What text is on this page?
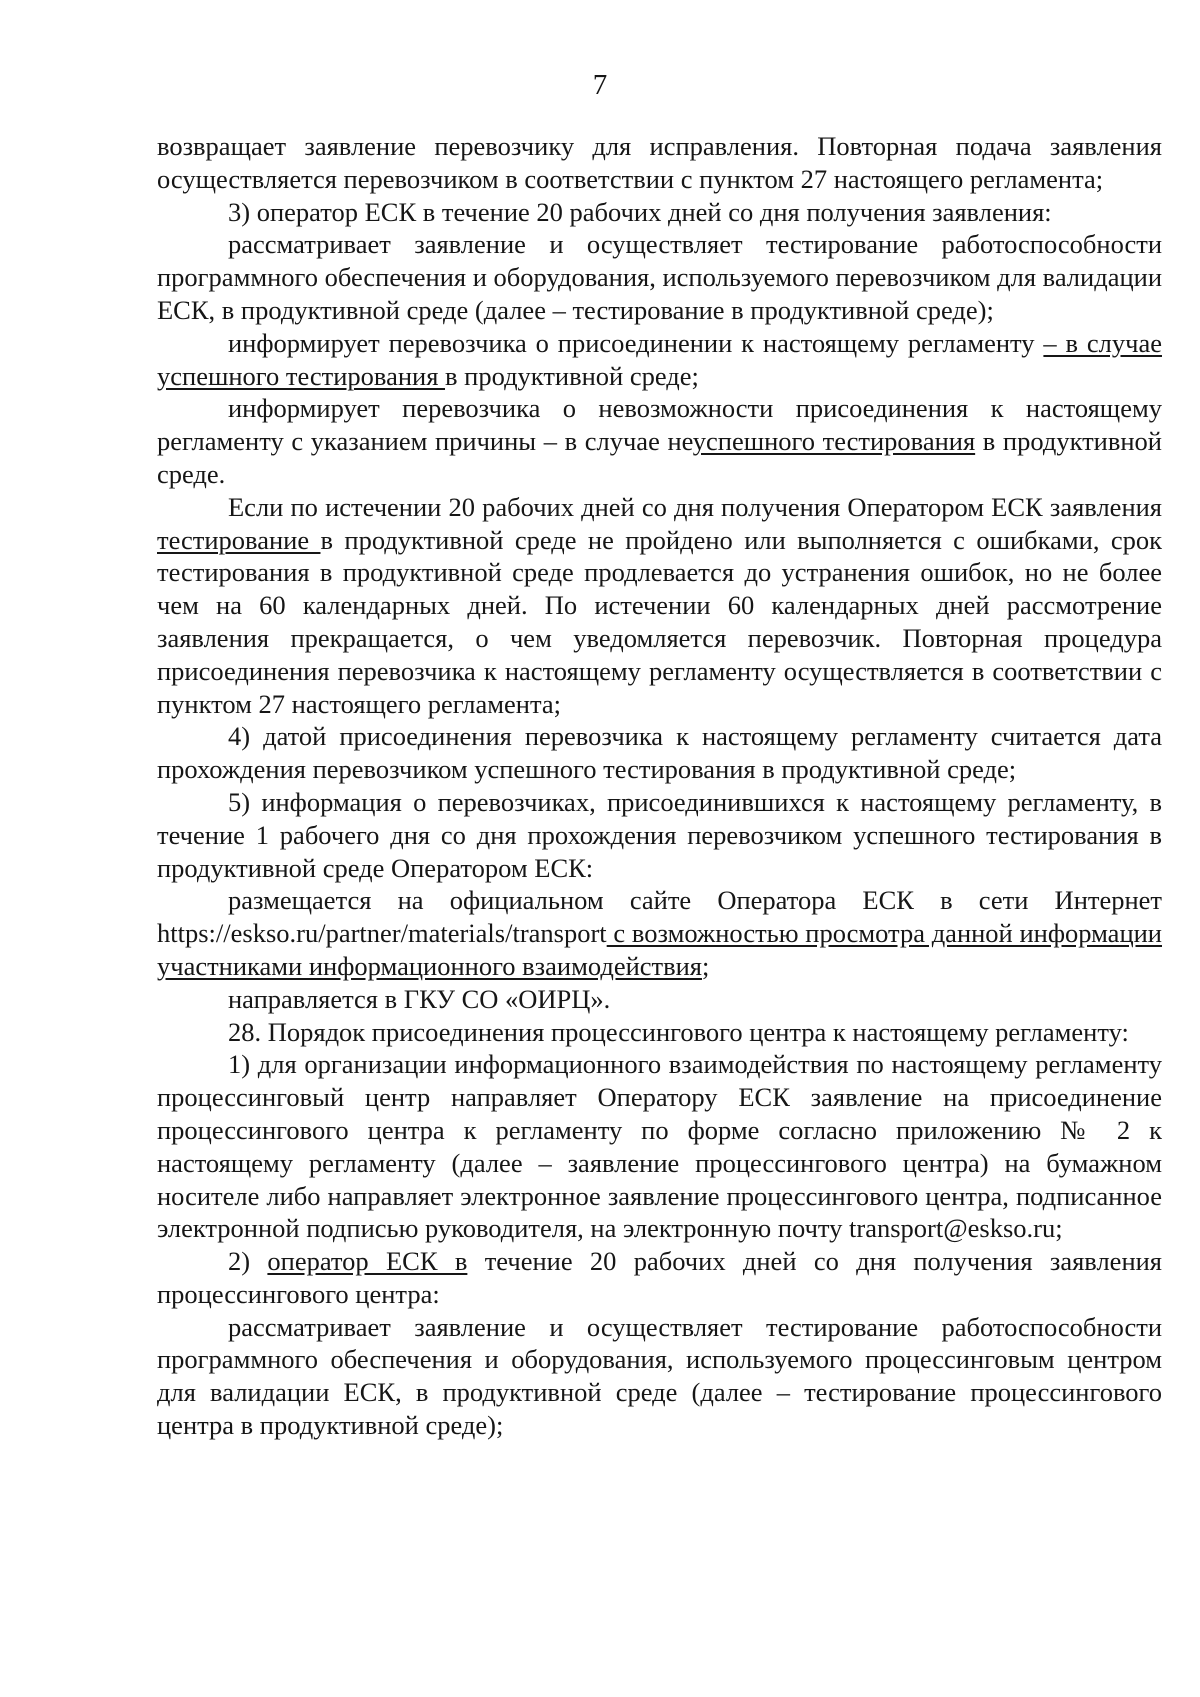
7

возвращает заявление перевозчику для исправления. Повторная подача заявления осуществляется перевозчиком в соответствии с пунктом 27 настоящего регламента;

3) оператор ЕСК в течение 20 рабочих дней со дня получения заявления:

рассматривает заявление и осуществляет тестирование работоспособности программного обеспечения и оборудования, используемого перевозчиком для валидации ЕСК, в продуктивной среде (далее – тестирование в продуктивной среде);

информирует перевозчика о присоединении к настоящему регламенту – в случае успешного тестирования в продуктивной среде;

информирует перевозчика о невозможности присоединения к настоящему регламенту с указанием причины – в случае неуспешного тестирования в продуктивной среде.

Если по истечении 20 рабочих дней со дня получения Оператором ЕСК заявления тестирование в продуктивной среде не пройдено или выполняется с ошибками, срок тестирования в продуктивной среде продлевается до устранения ошибок, но не более чем на 60 календарных дней. По истечении 60 календарных дней рассмотрение заявления прекращается, о чем уведомляется перевозчик. Повторная процедура присоединения перевозчика к настоящему регламенту осуществляется в соответствии с пунктом 27 настоящего регламента;

4) датой присоединения перевозчика к настоящему регламенту считается дата прохождения перевозчиком успешного тестирования в продуктивной среде;

5) информация о перевозчиках, присоединившихся к настоящему регламенту, в течение 1 рабочего дня со дня прохождения перевозчиком успешного тестирования в продуктивной среде Оператором ЕСК:

размещается на официальном сайте Оператора ЕСК в сети Интернет https://eskso.ru/partner/materials/transport с возможностью просмотра данной информации участниками информационного взаимодействия;

направляется в ГКУ СО «ОИРЦ».

28. Порядок присоединения процессингового центра к настоящему регламенту:

1) для организации информационного взаимодействия по настоящему регламенту процессинговый центр направляет Оператору ЕСК заявление на присоединение процессингового центра к регламенту по форме согласно приложению № 2 к настоящему регламенту (далее – заявление процессингового центра) на бумажном носителе либо направляет электронное заявление процессингового центра, подписанное электронной подписью руководителя, на электронную почту transport@eskso.ru;

2) оператор ЕСК в течение 20 рабочих дней со дня получения заявления процессингового центра:

рассматривает заявление и осуществляет тестирование работоспособности программного обеспечения и оборудования, используемого процессинговым центром для валидации ЕСК, в продуктивной среде (далее – тестирование процессингового центра в продуктивной среде);
